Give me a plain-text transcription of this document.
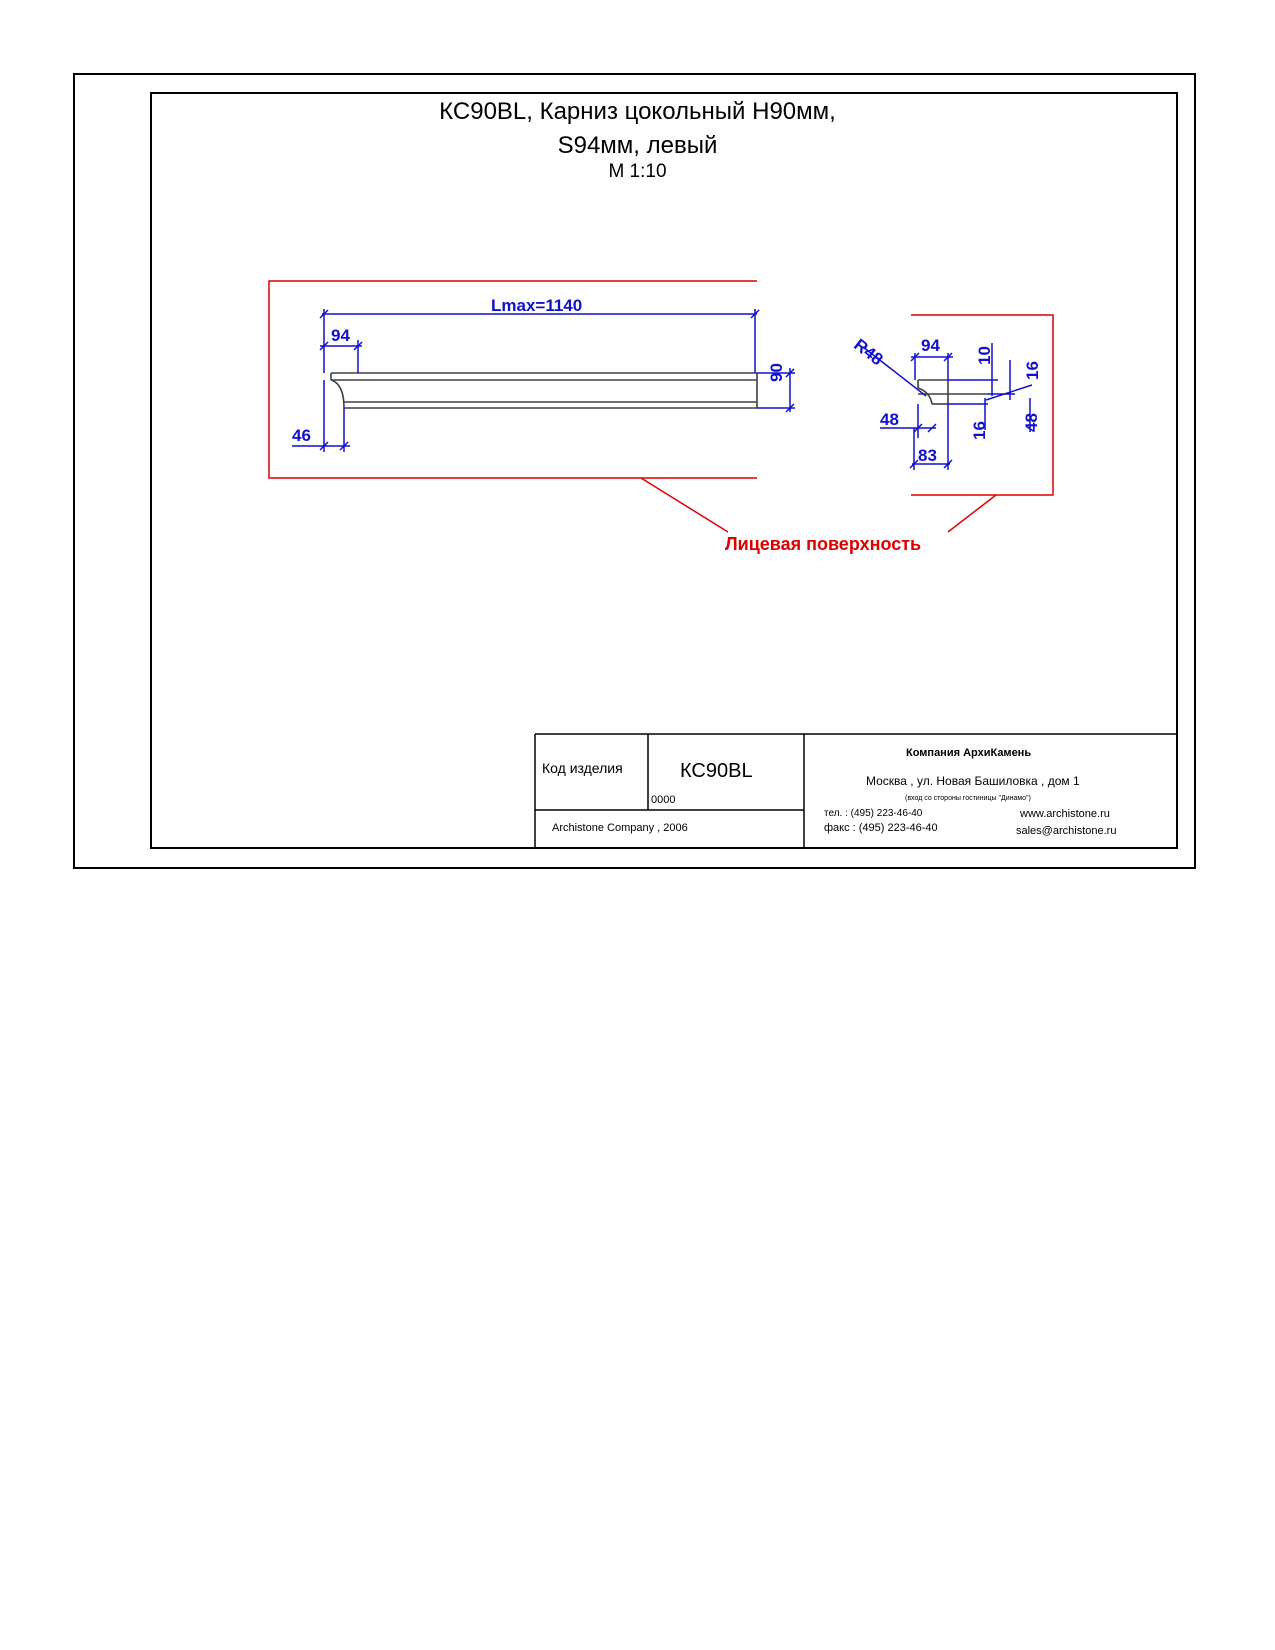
КС90BL, Карниз цокольный H90мм,
S94мм, левый
М 1:10
Lmax=1140
94
90
46
R48 94
10
16
48
16 48
83
Лицевая поверхность
Код изделия	КС90BL
0000
Archistone Company , 2006
Компания АрхиКамень
Москва , ул. Новая Башиловка , дом 1
(вход со стороны гостиницы "Динамо")
тел. : (495) 223-46-40
факс : (495) 223-46-40
www.archistone.ru
sales@archistone.ru
